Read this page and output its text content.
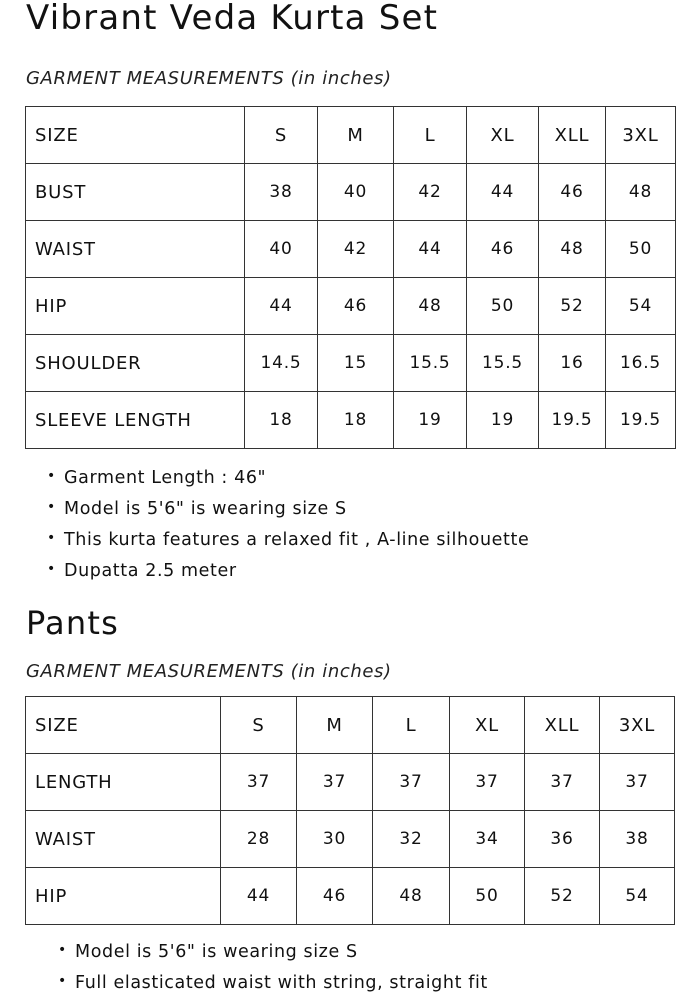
Vibrant Veda Kurta Set
GARMENT MEASUREMENTS (in inches)
SIZE	S	M	L	XL	XLL	3XL
BUST	38	40	42	44	46	48
WAIST	40	42	44	46	48	50
HIP	44	46	48	50	52	54
SHOULDER	14.5	15	15.5	15.5	16	16.5
SLEEVE LENGTH	18	18	19	19	19.5	19.5
• Garment Length : 46"
• Model is 5'6" is wearing size S
• This kurta features a relaxed fit , A-line silhouette
• Dupatta 2.5 meter
Pants
GARMENT MEASUREMENTS (in inches)
SIZE	S	M	L	XL	XLL	3XL
LENGTH	37	37	37	37	37	37
WAIST	28	30	32	34	36	38
HIP	44	46	48	50	52	54
• Model is 5'6" is wearing size S
• Full elasticated waist with string, straight fit
